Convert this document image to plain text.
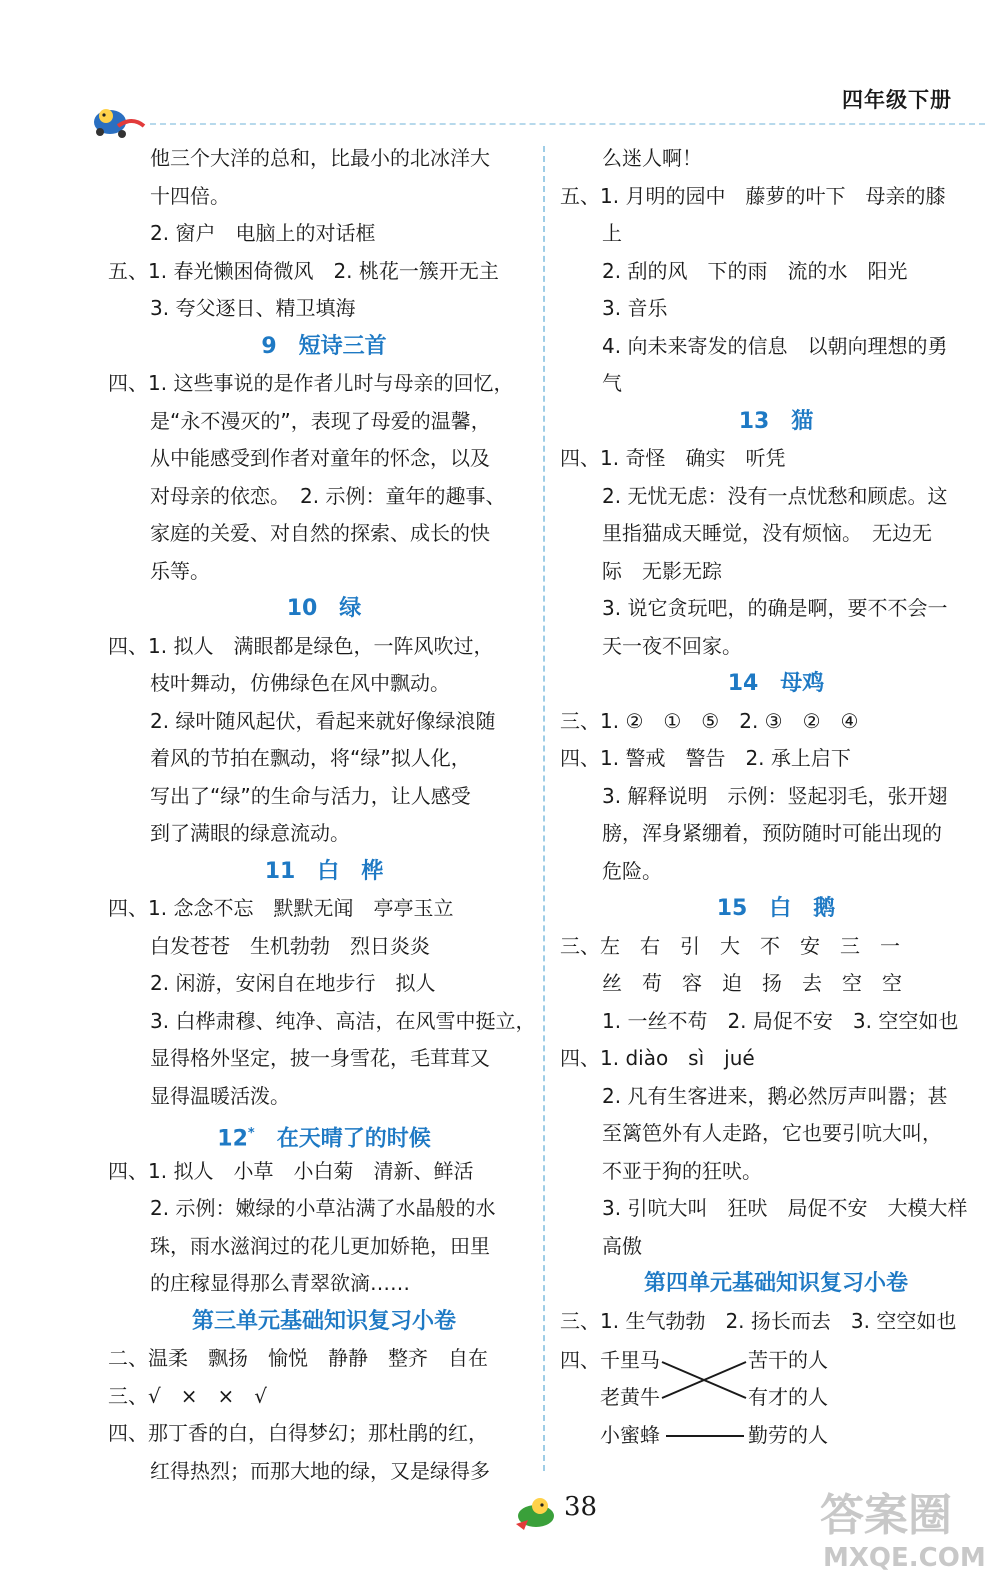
四年级下册
他三个大洋的总和，比最小的北冰洋大
十四倍。
2. 窗户　电脑上的对话框
五、1. 春光懒困倚微风　2. 桃花一簇开无主
3. 夸父逐日、精卫填海
9　短诗三首
四、1. 这些事说的是作者儿时与母亲的回忆，
是“永不漫灭的”，表现了母爱的温馨，
从中能感受到作者对童年的怀念，以及
对母亲的依恋。　2. 示例：童年的趣事、
家庭的关爱、对自然的探索、成长的快
乐等。
10　绿
四、1. 拟人　满眼都是绿色，一阵风吹过，
枝叶舞动，仿佛绿色在风中飘动。
2. 绿叶随风起伏，看起来就好像绿浪随
着风的节拍在飘动，将“绿”拟人化，
写出了“绿”的生命与活力，让人感受
到了满眼的绿意流动。
11　白　桦
四、1. 念念不忘　默默无闻　亭亭玉立
白发苍苍　生机勃勃　烈日炎炎
2. 闲游，安闲自在地步行　拟人
3. 白桦肃穆、纯净、高洁，在风雪中挺立，
显得格外坚定，披一身雪花，毛茸茸又
显得温暖活泼。
12*　在天晴了的时候
四、1. 拟人　小草　小白菊　清新、鲜活
2. 示例：嫩绿的小草沾满了水晶般的水
珠，雨水滋润过的花儿更加娇艳，田里
的庄稼显得那么青翠欲滴……
第三单元基础知识复习小卷
二、温柔　飘扬　愉悦　静静　整齐　自在
三、√　×　×　√
四、那丁香的白，白得梦幻；那杜鹃的红，
红得热烈；而那大地的绿，又是绿得多
么迷人啊！
五、1. 月明的园中　藤萝的叶下　母亲的膝
上
2. 刮的风　下的雨　流的水　阳光
3. 音乐
4. 向未来寄发的信息　以朝向理想的勇
气
13　猫
四、1. 奇怪　确实　听凭
2. 无忧无虑：没有一点忧愁和顾虑。这
里指猫成天睡觉，没有烦恼。　无边无
际　无影无踪
3. 说它贪玩吧，的确是啊，要不不会一
天一夜不回家。
14　母鸡
三、1. ②　①　⑤　2. ③　②　④
四、1. 警戒　警告　2. 承上启下
3. 解释说明　示例：竖起羽毛，张开翅
膀，浑身紧绷着，预防随时可能出现的
危险。
15　白　鹅
三、左　右　引　大　不　安　三　一
丝　苟　容　迫　扬　去　空　空
1. 一丝不苟　2. 局促不安　3. 空空如也
四、1. diào　sì　jué
2. 凡有生客进来，鹅必然厉声叫嚣；甚
至篱笆外有人走路，它也要引吭大叫，
不亚于狗的狂吠。
3. 引吭大叫　狂吠　局促不安　大模大样
高傲
第四单元基础知识复习小卷
三、1. 生气勃勃　2. 扬长而去　3. 空空如也
四、 千里马
老黄牛
小蜜蜂
苦干的人
有才的人
勤劳的人
38	答案圈
MXQE.COM
